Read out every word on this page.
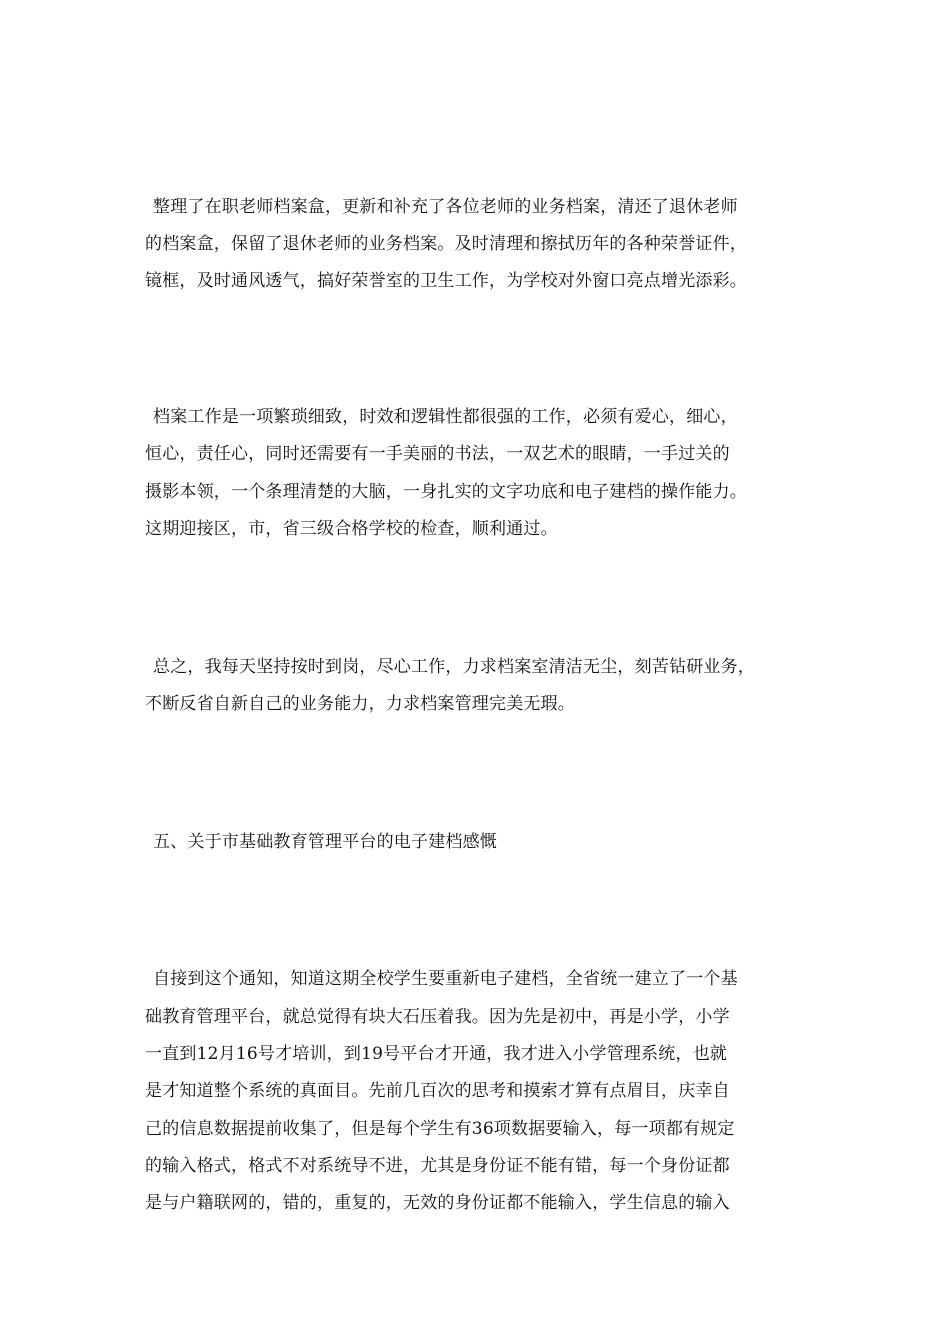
整理了在职老师档案盒，更新和补充了各位老师的业务档案，清还了退休老师
的档案盒，保留了退休老师的业务档案。及时清理和擦拭历年的各种荣誉证件，
镜框，及时通风透气，搞好荣誉室的卫生工作，为学校对外窗口亮点增光添彩。
档案工作是一项繁琐细致，时效和逻辑性都很强的工作，必须有爱心，细心，
恒心，责任心，同时还需要有一手美丽的书法，一双艺术的眼睛，一手过关的
摄影本领，一个条理清楚的大脑，一身扎实的文字功底和电子建档的操作能力。
这期迎接区，市，省三级合格学校的检查，顺利通过。
总之，我每天坚持按时到岗，尽心工作，力求档案室清洁无尘，刻苦钻研业务，
不断反省自新自己的业务能力，力求档案管理完美无瑕。
五、关于市基础教育管理平台的电子建档感慨
自接到这个通知，知道这期全校学生要重新电子建档，全省统一建立了一个基
础教育管理平台，就总觉得有块大石压着我。因为先是初中，再是小学，小学
一直到12月16号才培训，到19号平台才开通，我才进入小学管理系统，也就
是才知道整个系统的真面目。先前几百次的思考和摸索才算有点眉目，庆幸自
己的信息数据提前收集了，但是每个学生有36项数据要输入，每一项都有规定
的输入格式，格式不对系统导不进，尤其是身份证不能有错，每一个身份证都
是与户籍联网的，错的，重复的，无效的身份证都不能输入，学生信息的输入
